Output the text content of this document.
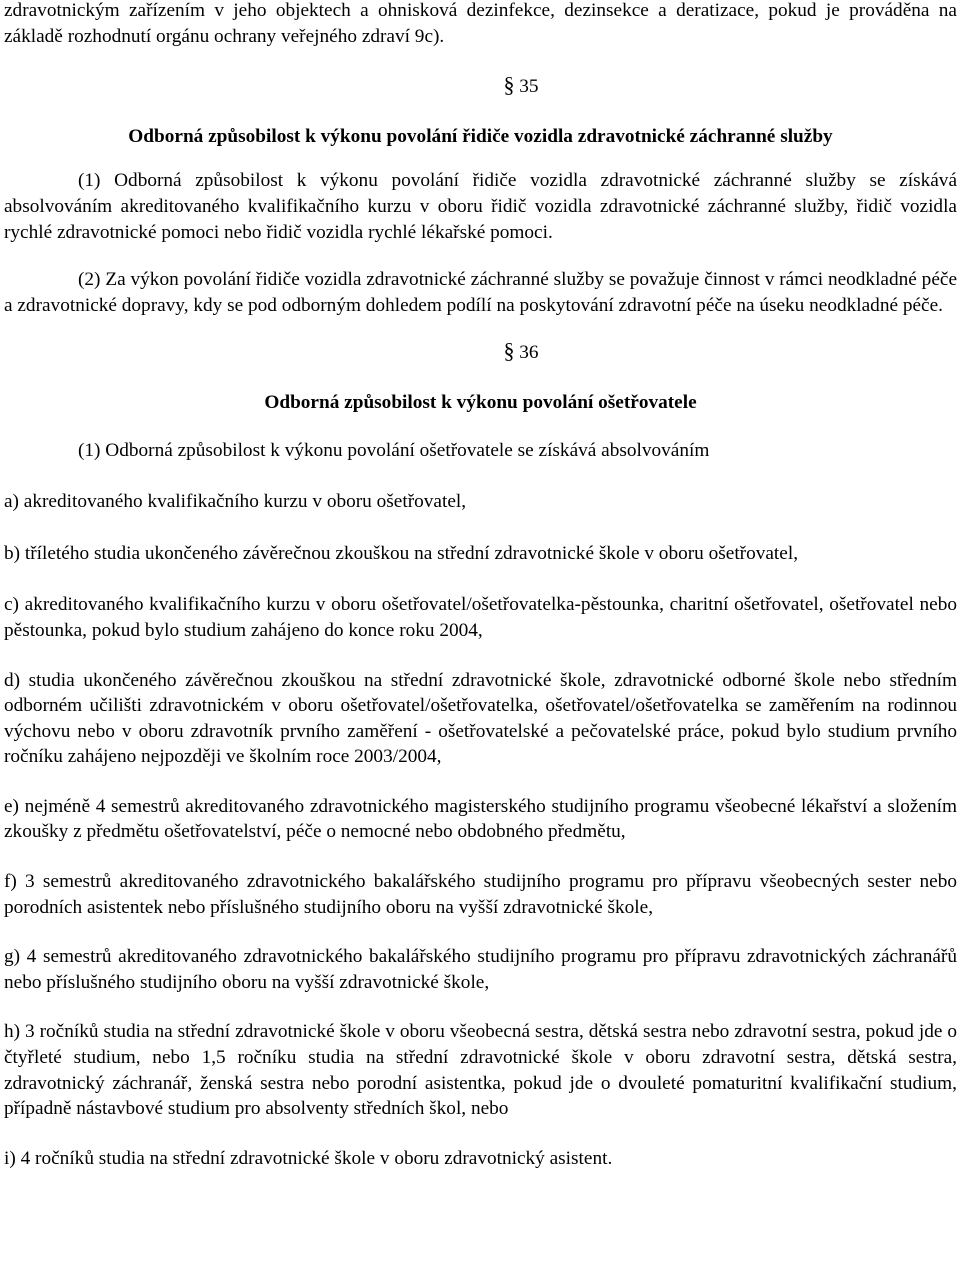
zdravotnickým zařízením v jeho objektech a ohnisková dezinfekce, dezinsekce a deratizace, pokud je prováděna na základě rozhodnutí orgánu ochrany veřejného zdraví 9c).

§ 35
Odborná způsobilost k výkonu povolání řidiče vozidla zdravotnické záchranné služby

(1) Odborná způsobilost k výkonu povolání řidiče vozidla zdravotnické záchranné služby se získává absolvováním akreditovaného kvalifikačního kurzu v oboru řidič vozidla zdravotnické záchranné služby, řidič vozidla rychlé zdravotnické pomoci nebo řidič vozidla rychlé lékařské pomoci.

(2) Za výkon povolání řidiče vozidla zdravotnické záchranné služby se považuje činnost v rámci neodkladné péče a zdravotnické dopravy, kdy se pod odborným dohledem podílí na poskytování zdravotní péče na úseku neodkladné péče.

§ 36
Odborná způsobilost k výkonu povolání ošetřovatele

(1) Odborná způsobilost k výkonu povolání ošetřovatele se získává absolvováním

a) akreditovaného kvalifikačního kurzu v oboru ošetřovatel,

b) tříletého studia ukončeného závěrečnou zkouškou na střední zdravotnické škole v oboru ošetřovatel,

c) akreditovaného kvalifikačního kurzu v oboru ošetřovatel/ošetřovatelka-pěstounka, charitní ošetřovatel, ošetřovatel nebo pěstounka, pokud bylo studium zahájeno do konce roku 2004,

d) studia ukončeného závěrečnou zkouškou na střední zdravotnické škole, zdravotnické odborné škole nebo středním odborném učilišti zdravotnickém v oboru ošetřovatel/ošetřovatelka, ošetřovatel/ošetřovatelka se zaměřením na rodinnou výchovu nebo v oboru zdravotník prvního zaměření - ošetřovatelské a pečovatelské práce, pokud bylo studium prvního ročníku zahájeno nejpozději ve školním roce 2003/2004,

e) nejméně 4 semestrů akreditovaného zdravotnického magisterského studijního programu všeobecné lékařství a složením zkoušky z předmětu ošetřovatelství, péče o nemocné nebo obdobného předmětu,

f) 3 semestrů akreditovaného zdravotnického bakalářského studijního programu pro přípravu všeobecných sester nebo porodních asistentek nebo příslušného studijního oboru na vyšší zdravotnické škole,

g) 4 semestrů akreditovaného zdravotnického bakalářského studijního programu pro přípravu zdravotnických záchranářů nebo příslušného studijního oboru na vyšší zdravotnické škole,

h) 3 ročníků studia na střední zdravotnické škole v oboru všeobecná sestra, dětská sestra nebo zdravotní sestra, pokud jde o čtyřleté studium, nebo 1,5 ročníku studia na střední zdravotnické škole v oboru zdravotní sestra, dětská sestra, zdravotnický záchranář, ženská sestra nebo porodní asistentka, pokud jde o dvouleté pomaturitní kvalifikační studium, případně nástavbové studium pro absolventy středních škol, nebo

i) 4 ročníků studia na střední zdravotnické škole v oboru zdravotnický asistent.
